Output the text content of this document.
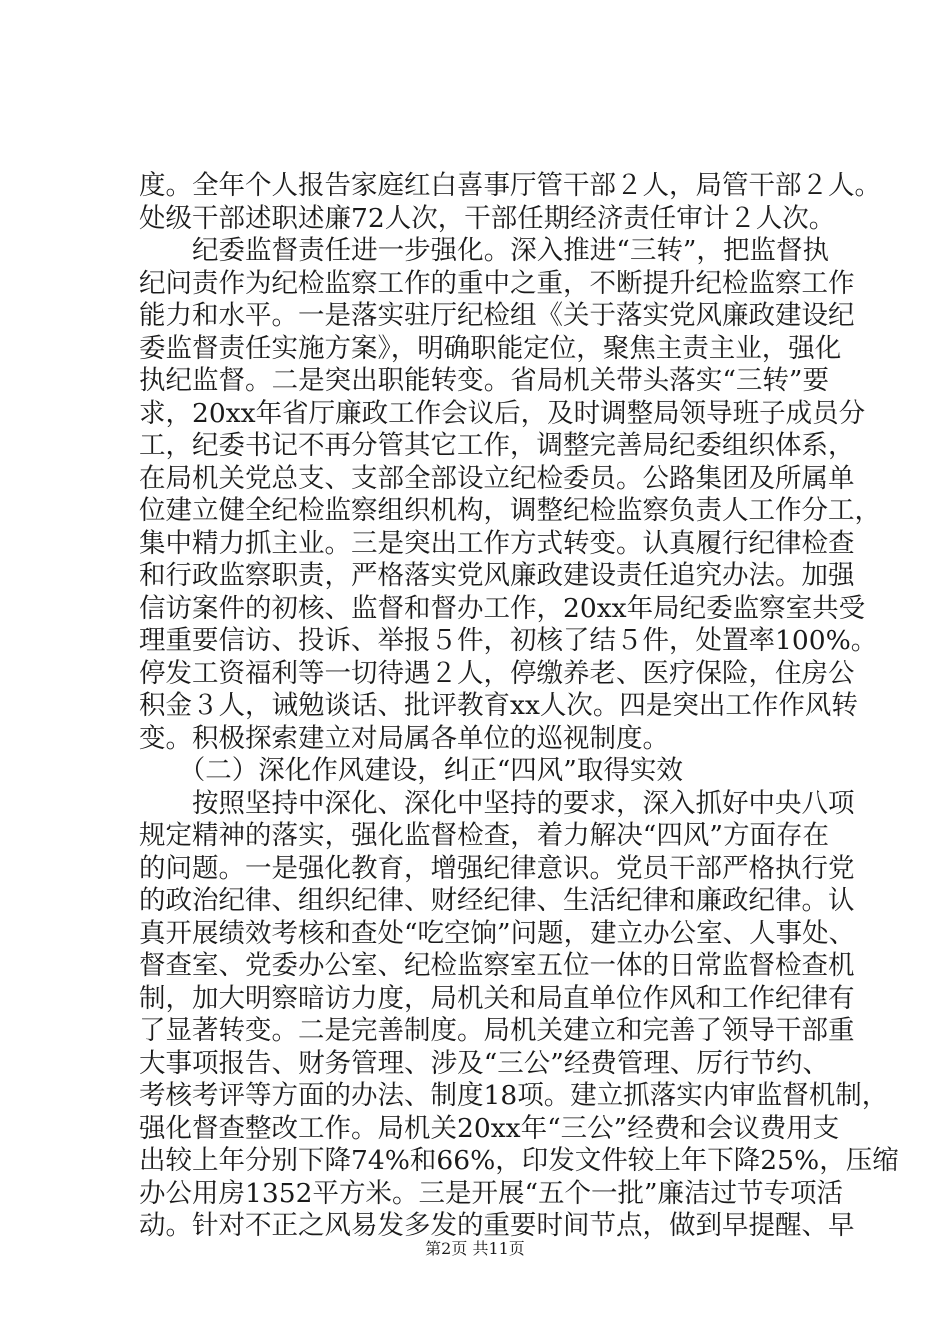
度。全年个人报告家庭红白喜事厅管干部２人，局管干部２人。
处级干部述职述廉72人次，干部任期经济责任审计２人次。
　　纪委监督责任进一步强化。深入推进“三转”，把监督执
纪问责作为纪检监察工作的重中之重，不断提升纪检监察工作
能力和水平。一是落实驻厅纪检组《关于落实党风廉政建设纪
委监督责任实施方案》，明确职能定位，聚焦主责主业，强化
执纪监督。二是突出职能转变。省局机关带头落实“三转”要
求，20xx年省厅廉政工作会议后，及时调整局领导班子成员分
工，纪委书记不再分管其它工作，调整完善局纪委组织体系，
在局机关党总支、支部全部设立纪检委员。公路集团及所属单
位建立健全纪检监察组织机构，调整纪检监察负责人工作分工，
集中精力抓主业。三是突出工作方式转变。认真履行纪律检查
和行政监察职责，严格落实党风廉政建设责任追究办法。加强
信访案件的初核、监督和督办工作，20xx年局纪委监察室共受
理重要信访、投诉、举报５件，初核了结５件，处置率100%。
停发工资福利等一切待遇２人，停缴养老、医疗保险，住房公
积金３人，诫勉谈话、批评教育xx人次。四是突出工作作风转
变。积极探索建立对局属各单位的巡视制度。
　　（二）深化作风建设，纠正“四风”取得实效
　　按照坚持中深化、深化中坚持的要求，深入抓好中央八项
规定精神的落实，强化监督检查，着力解决“四风”方面存在
的问题。一是强化教育，增强纪律意识。党员干部严格执行党
的政治纪律、组织纪律、财经纪律、生活纪律和廉政纪律。认
真开展绩效考核和查处“吃空饷”问题，建立办公室、人事处、
督查室、党委办公室、纪检监察室五位一体的日常监督检查机
制，加大明察暗访力度，局机关和局直单位作风和工作纪律有
了显著转变。二是完善制度。局机关建立和完善了领导干部重
大事项报告、财务管理、涉及“三公”经费管理、厉行节约、
考核考评等方面的办法、制度18项。建立抓落实内审监督机制，
强化督查整改工作。局机关20xx年“三公”经费和会议费用支
出较上年分别下降74%和66%，印发文件较上年下降25%，压缩
办公用房1352平方米。三是开展“五个一批”廉洁过节专项活
动。针对不正之风易发多发的重要时间节点，做到早提醒、早
第2页 共11页
